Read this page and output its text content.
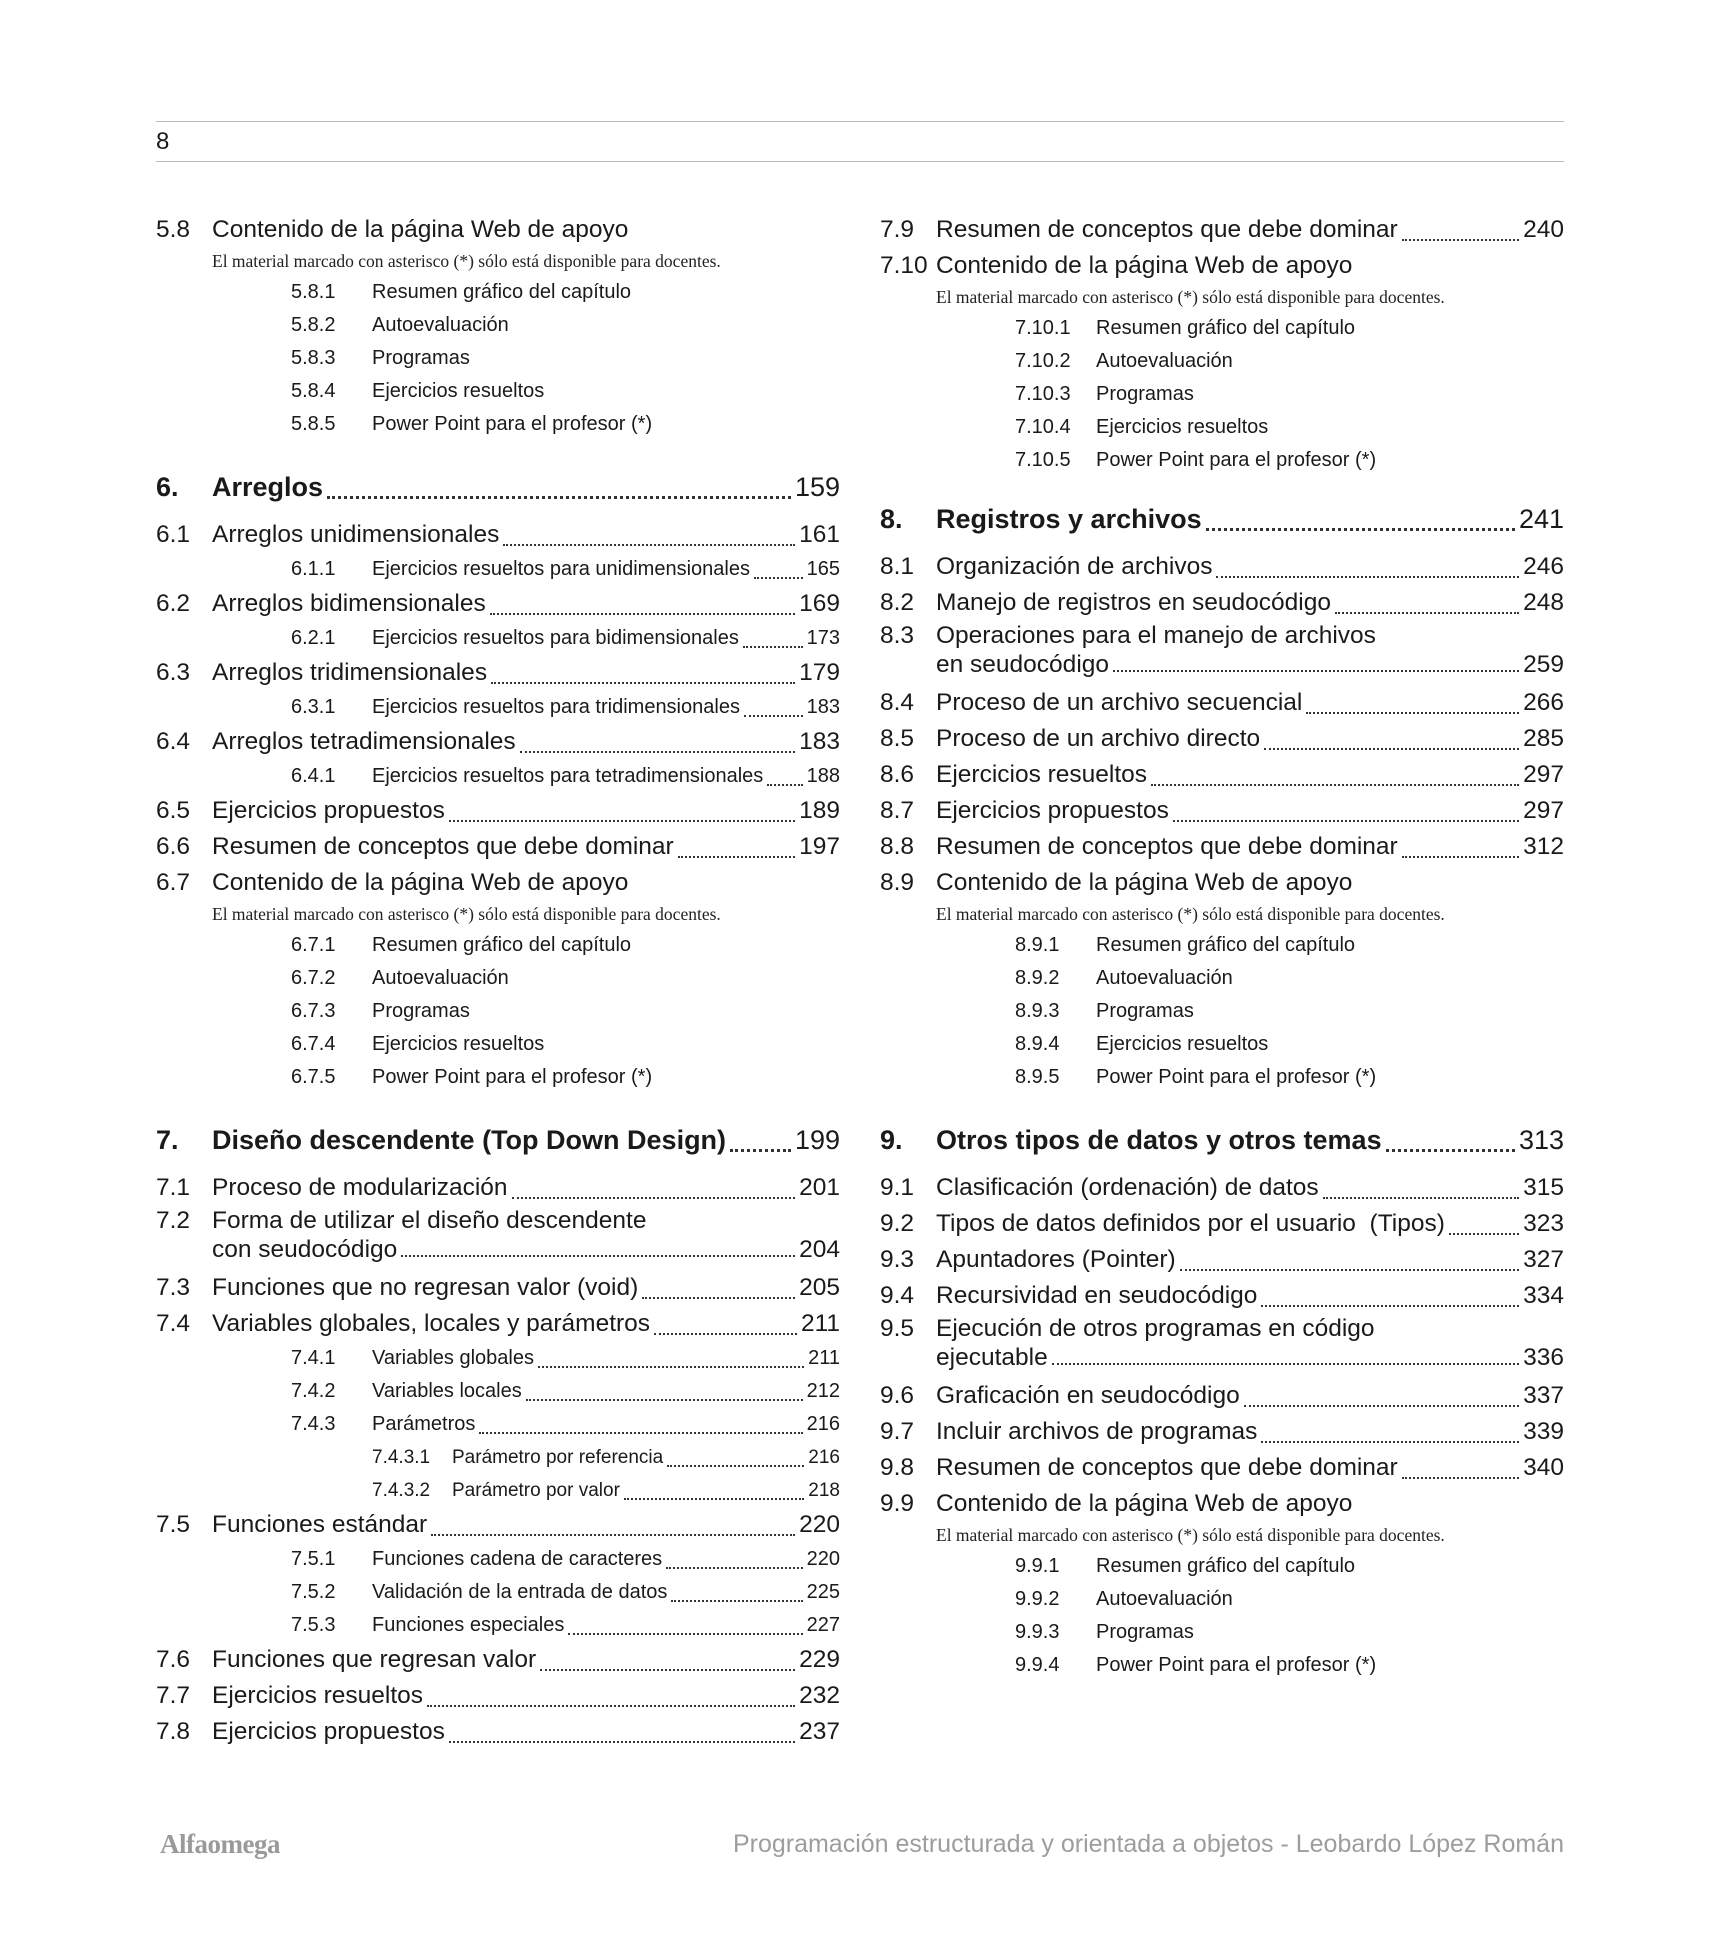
8
5.8 Contenido de la página Web de apoyo
El material marcado con asterisco (*) sólo está disponible para docentes.
5.8.1 Resumen gráfico del capítulo
5.8.2 Autoevaluación
5.8.3 Programas
5.8.4 Ejercicios resueltos
5.8.5 Power Point para el profesor (*)
6. Arreglos	159
6.1 Arreglos unidimensionales	161
6.1.1 Ejercicios resueltos para unidimensionales	165
6.2 Arreglos bidimensionales	169
6.2.1 Ejercicios resueltos para bidimensionales	173
6.3 Arreglos tridimensionales	179
6.3.1 Ejercicios resueltos para tridimensionales	183
6.4 Arreglos tetradimensionales	183
6.4.1 Ejercicios resueltos para tetradimensionales 188
6.5 Ejercicios propuestos	189
6.6 Resumen de conceptos que debe dominar	197
6.7 Contenido de la página Web de apoyo
El material marcado con asterisco (*) sólo está disponible para docentes.
6.7.1 Resumen gráfico del capítulo
6.7.2 Autoevaluación
6.7.3 Programas
6.7.4 Ejercicios resueltos
6.7.5 Power Point para el profesor (*)
7. Diseño descendente (Top Down Design)	199
7.1 Proceso de modularización	201
7.2 Forma de utilizar el diseño descendente
con seudocódigo	204
7.3 Funciones que no regresan valor (void)	205
7.4 Variables globales, locales y parámetros	211
7.4.1 Variables globales	211
7.4.2 Variables locales	212
7.4.3 Parámetros	216
7.4.3.1 Parámetro por referencia	216
7.4.3.2 Parámetro por valor	218
7.5 Funciones estándar	220
7.5.1 Funciones cadena de caracteres	220
7.5.2 Validación de la entrada de datos	225
7.5.3 Funciones especiales	227
7.6 Funciones que regresan valor	229
7.7 Ejercicios resueltos	232
7.8 Ejercicios propuestos	237
7.9 Resumen de conceptos que debe dominar	240
7.10 Contenido de la página Web de apoyo
El material marcado con asterisco (*) sólo está disponible para docentes.
7.10.1 Resumen gráfico del capítulo
7.10.2 Autoevaluación
7.10.3 Programas
7.10.4 Ejercicios resueltos
7.10.5 Power Point para el profesor (*)
8. Registros y archivos	241
8.1 Organización de archivos	246
8.2 Manejo de registros en seudocódigo	248
8.3 Operaciones para el manejo de archivos
en seudocódigo	259
8.4 Proceso de un archivo secuencial	266
8.5 Proceso de un archivo directo	285
8.6 Ejercicios resueltos	297
8.7 Ejercicios propuestos	297
8.8 Resumen de conceptos que debe dominar	312
8.9 Contenido de la página Web de apoyo
El material marcado con asterisco (*) sólo está disponible para docentes.
8.9.1 Resumen gráfico del capítulo
8.9.2 Autoevaluación
8.9.3 Programas
8.9.4 Ejercicios resueltos
8.9.5 Power Point para el profesor (*)
9. Otros tipos de datos y otros temas	313
9.1 Clasificación (ordenación) de datos	315
9.2 Tipos de datos definidos por el usuario  (Tipos)	323
9.3 Apuntadores (Pointer)	327
9.4 Recursividad en seudocódigo	334
9.5 Ejecución de otros programas en código
ejecutable	336
9.6 Graficación en seudocódigo	337
9.7 Incluir archivos de programas	339
9.8 Resumen de conceptos que debe dominar	340
9.9 Contenido de la página Web de apoyo
El material marcado con asterisco (*) sólo está disponible para docentes.
9.9.1 Resumen gráfico del capítulo
9.9.2 Autoevaluación
9.9.3 Programas
9.9.4 Power Point para el profesor (*)
Alfaomega	Programación estructurada y orientada a objetos - Leobardo López Román
